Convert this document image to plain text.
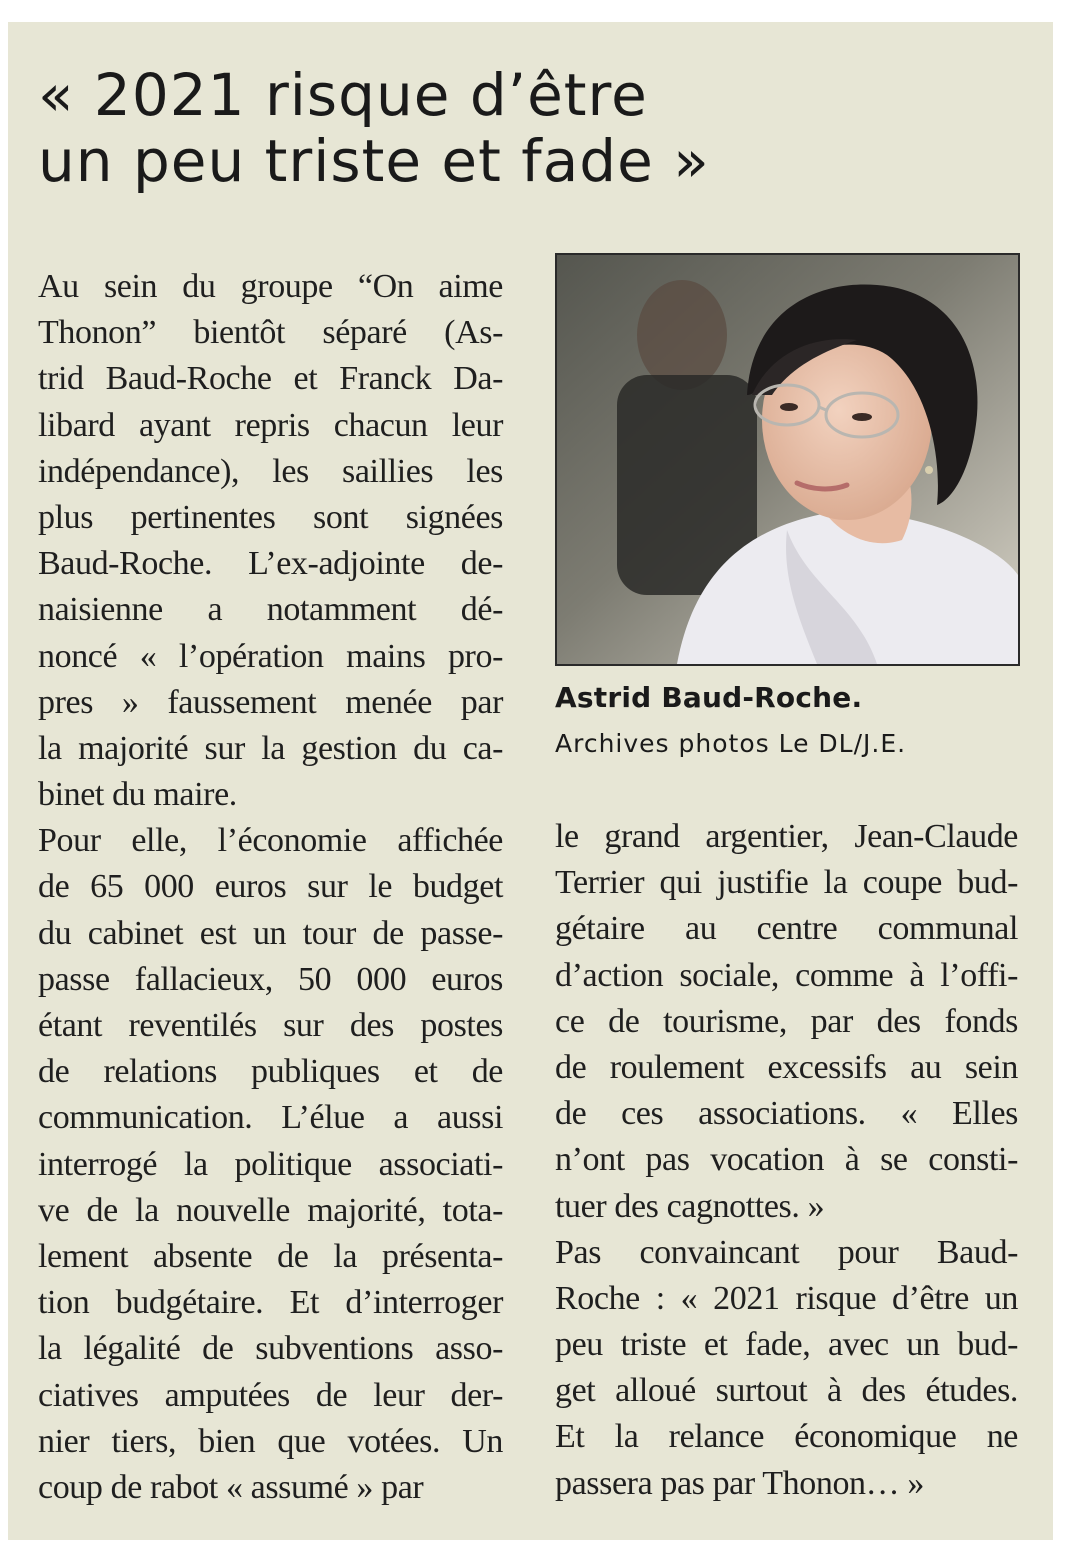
« 2021 risque d’être
un peu triste et fade »
Au sein du groupe “On aime
Thonon” bientôt séparé (As-
trid Baud-Roche et Franck Da-
libard ayant repris chacun leur
indépendance), les saillies les
plus pertinentes sont signées
Baud-Roche. L’ex-adjointe de-
naisienne a notamment dé-
noncé « l’opération mains pro-
pres » faussement menée par
la majorité sur la gestion du ca-
binet du maire.
Pour elle, l’économie affichée
de 65 000 euros sur le budget
du cabinet est un tour de passe-
passe fallacieux, 50 000 euros
étant reventilés sur des postes
de relations publiques et de
communication. L’élue a aussi
interrogé la politique associati-
ve de la nouvelle majorité, tota-
lement absente de la présenta-
tion budgétaire. Et d’interroger
la légalité de subventions asso-
ciatives amputées de leur der-
nier tiers, bien que votées. Un
coup de rabot « assumé » par
Astrid Baud-Roche.
Archives photos Le DL/J.E.
le grand argentier, Jean-Claude
Terrier qui justifie la coupe bud-
gétaire au centre communal
d’action sociale, comme à l’offi-
ce de tourisme, par des fonds
de roulement excessifs au sein
de ces associations. « Elles
n’ont pas vocation à se consti-
tuer des cagnottes. »
Pas convaincant pour Baud-
Roche : « 2021 risque d’être un
peu triste et fade, avec un bud-
get alloué surtout à des études.
Et la relance économique ne
passera pas par Thonon… »
